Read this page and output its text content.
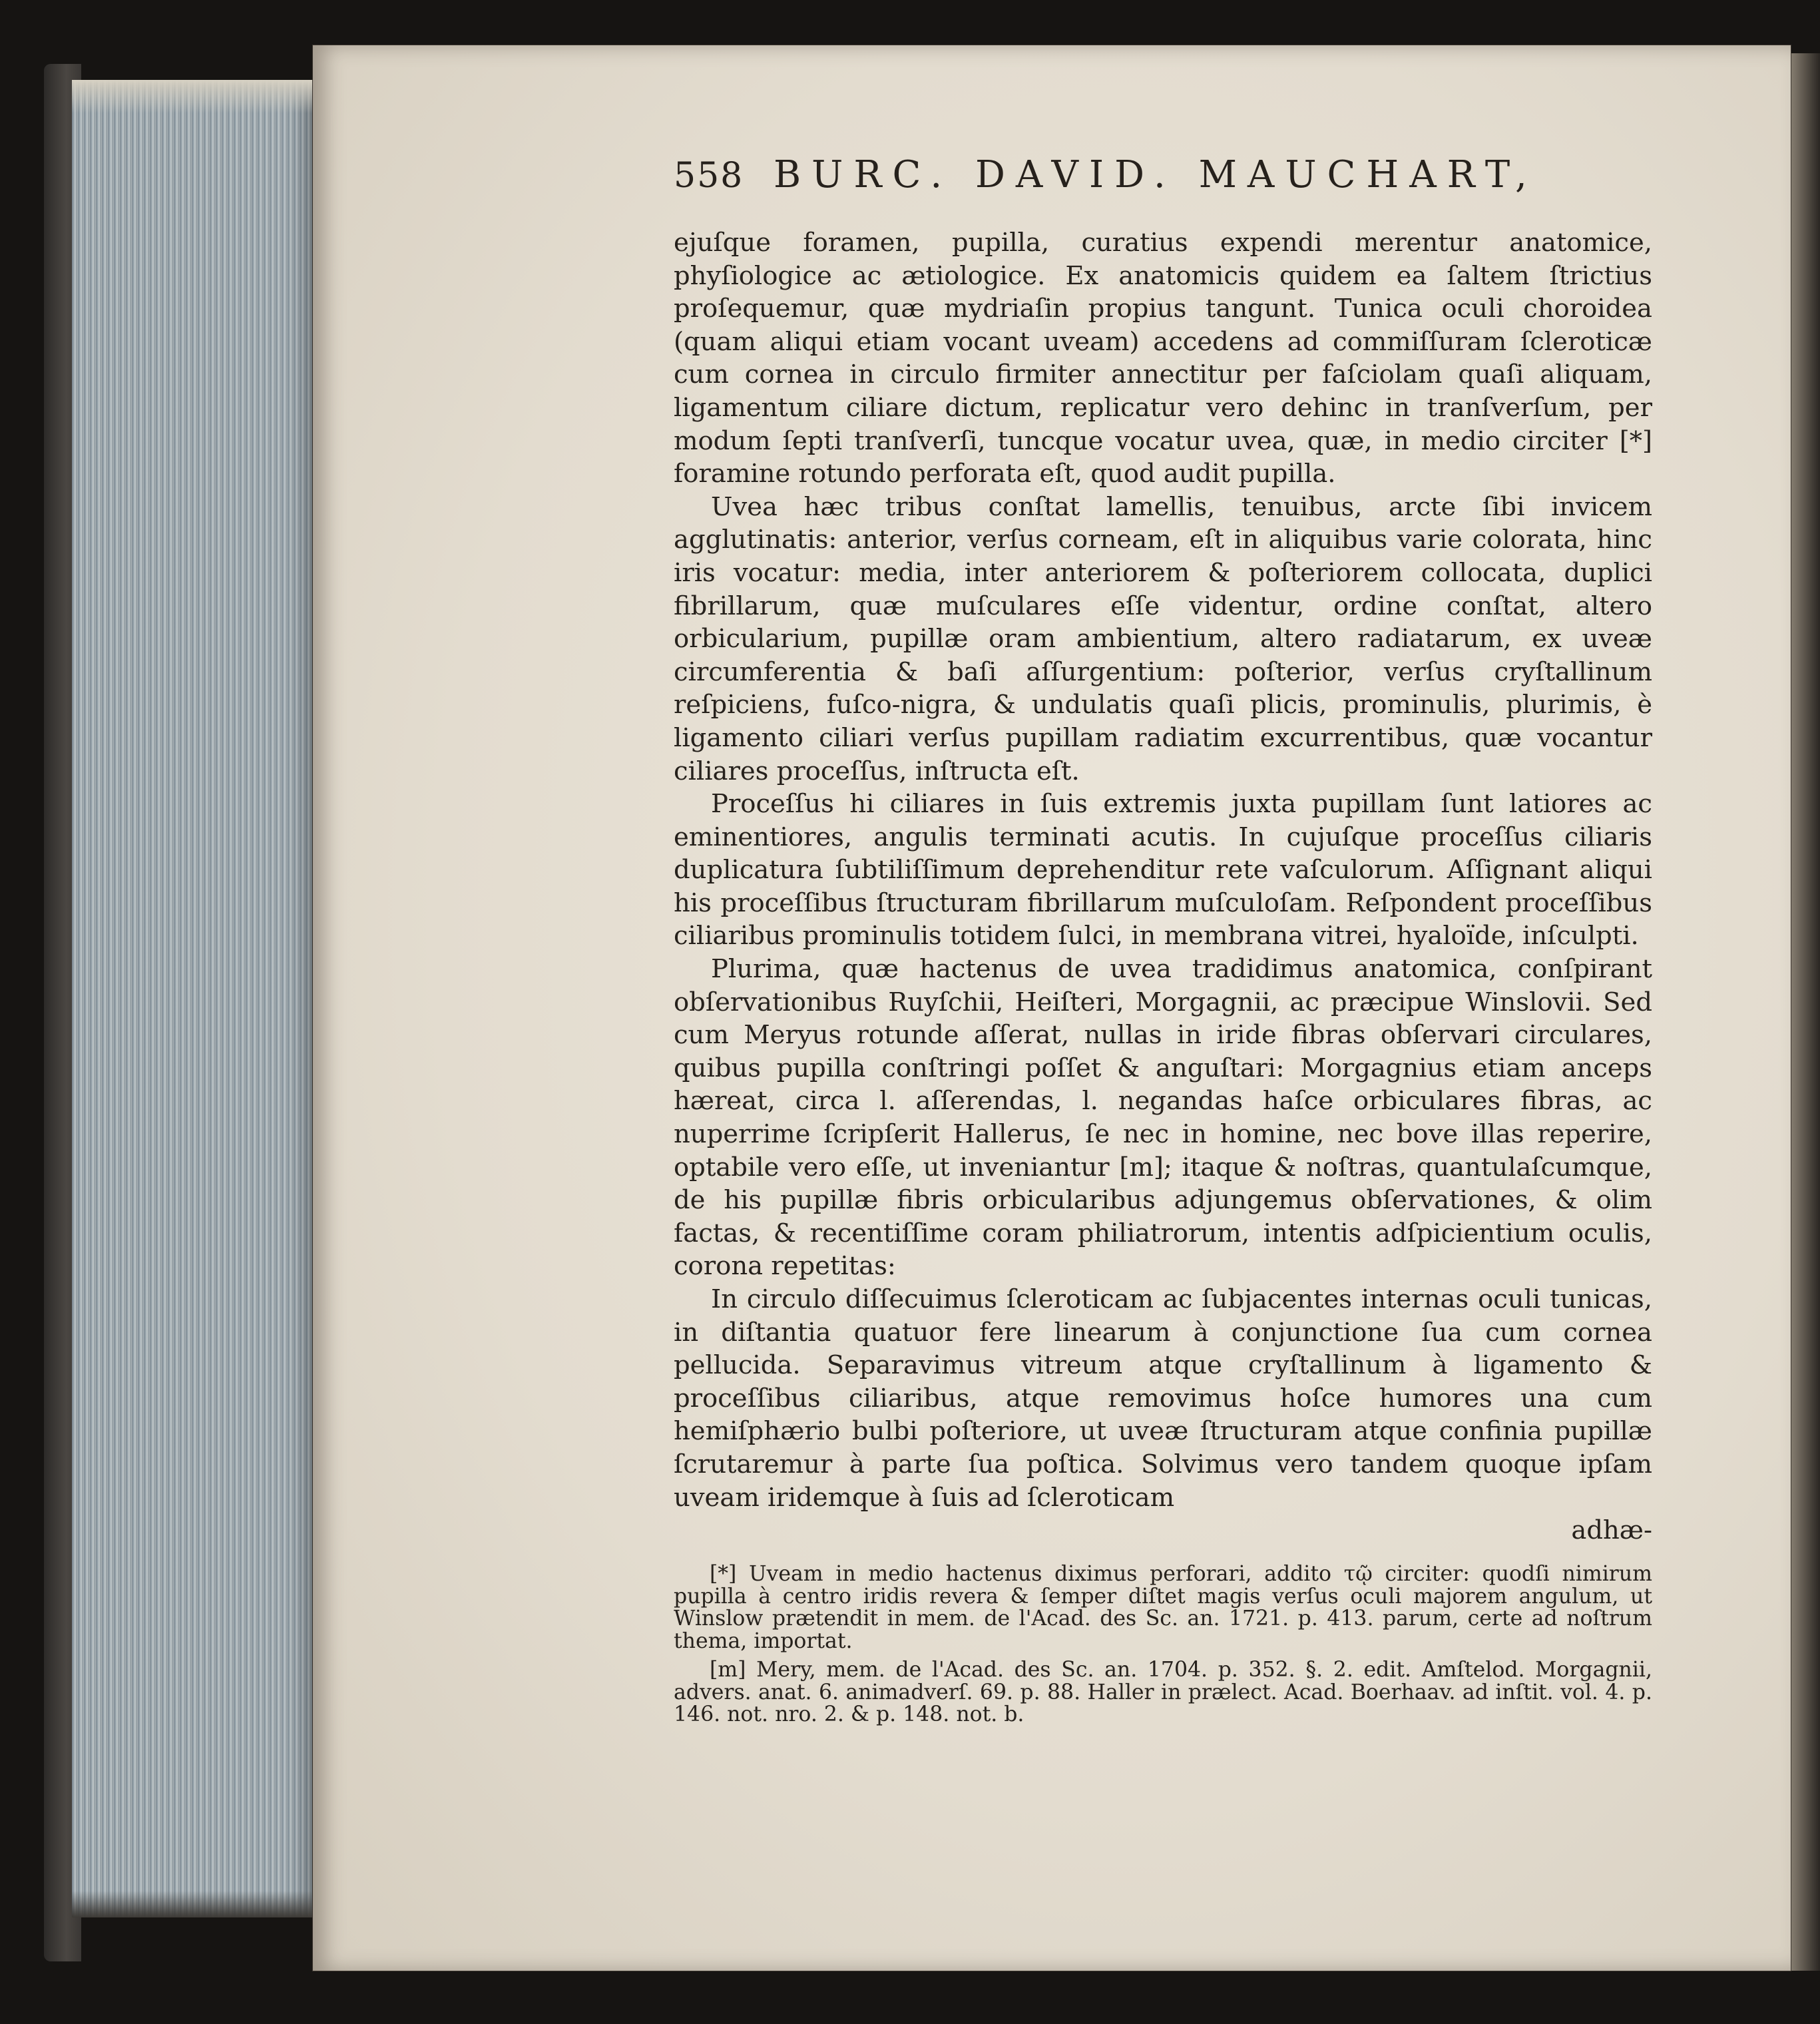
558 BURC. DAVID. MAUCHART,

ejuſque foramen, pupilla, curatius expendi merentur anatomice, phyſiologice ac ætiologice. Ex anatomicis quidem ea ſaltem ſtrictius proſequemur, quæ mydriaſin propius tangunt. Tunica oculi choroidea (quam aliqui etiam vocant uveam) accedens ad commiſſuram ſcleroticæ cum cornea in circulo firmiter annectitur per faſciolam quaſi aliquam, ligamentum ciliare dictum, replicatur vero dehinc in tranſverſum, per modum ſepti tranſverſi, tuncque vocatur uvea, quæ, in medio circiter [*] foramine rotundo perforata eſt, quod audit pupilla.

Uvea hæc tribus conſtat lamellis, tenuibus, arcte ſibi invicem agglutinatis: anterior, verſus corneam, eſt in aliquibus varie colorata, hinc iris vocatur: media, inter anteriorem & poſteriorem collocata, duplici fibrillarum, quæ muſculares eſſe videntur, ordine conſtat, altero orbicularium, pupillæ oram ambientium, altero radiatarum, ex uveæ circumferentia & baſi aſſurgentium: poſterior, verſus cryſtallinum reſpiciens, fuſco-nigra, & undulatis quaſi plicis, prominulis, plurimis, è ligamento ciliari verſus pupillam radiatim excurrentibus, quæ vocantur ciliares proceſſus, inſtructa eſt.

Proceſſus hi ciliares in ſuis extremis juxta pupillam ſunt latiores ac eminentiores, angulis terminati acutis. In cujuſque proceſſus ciliaris duplicatura ſubtiliſſimum deprehenditur rete vaſculorum. Aſſignant aliqui his proceſſibus ſtructuram fibrillarum muſculoſam. Reſpondent proceſſibus ciliaribus prominulis totidem ſulci, in membrana vitrei, hyaloïde, inſculpti.

Plurima, quæ hactenus de uvea tradidimus anatomica, conſpirant obſervationibus Ruyſchii, Heiſteri, Morgagnii, ac præcipue Winslovii. Sed cum Meryus rotunde aſſerat, nullas in iride fibras obſervari circulares, quibus pupilla conſtringi poſſet & anguſtari: Morgagnius etiam anceps hæreat, circa l. aſſerendas, l. negandas haſce orbiculares fibras, ac nuperrime ſcripſerit Hallerus, ſe nec in homine, nec bove illas reperire, optabile vero eſſe, ut inveniantur [m]; itaque & noſtras, quantulaſcumque, de his pupillæ fibris orbicularibus adjungemus obſervationes, & olim factas, & recentiſſime coram philiatrorum, intentis adſpicientium oculis, corona repetitas:

In circulo diſſecuimus ſcleroticam ac ſubjacentes internas oculi tunicas, in diſtantia quatuor fere linearum à conjunctione ſua cum cornea pellucida. Separavimus vitreum atque cryſtallinum à ligamento & proceſſibus ciliaribus, atque removimus hoſce humores una cum hemiſphærio bulbi poſteriore, ut uveæ ſtructuram atque confinia pupillæ ſcrutaremur à parte ſua poſtica. Solvimus vero tandem quoque ipſam uveam iridemque à ſuis ad ſcleroticam

adhæ-

[*] Uveam in medio hactenus diximus perforari, addito τῷ circiter: quodſi nimirum pupilla à centro iridis revera & ſemper diſtet magis verſus oculi majorem angulum, ut Winslow prætendit in mem. de l'Acad. des Sc. an. 1721. p. 413. parum, certe ad noſtrum thema, importat.

[m] Mery, mem. de l'Acad. des Sc. an. 1704. p. 352. §. 2. edit. Amſtelod. Morgagnii, advers. anat. 6. animadverſ. 69. p. 88. Haller in prælect. Acad. Boerhaav. ad inſtit. vol. 4. p. 146. not. nro. 2. & p. 148. not. b.
